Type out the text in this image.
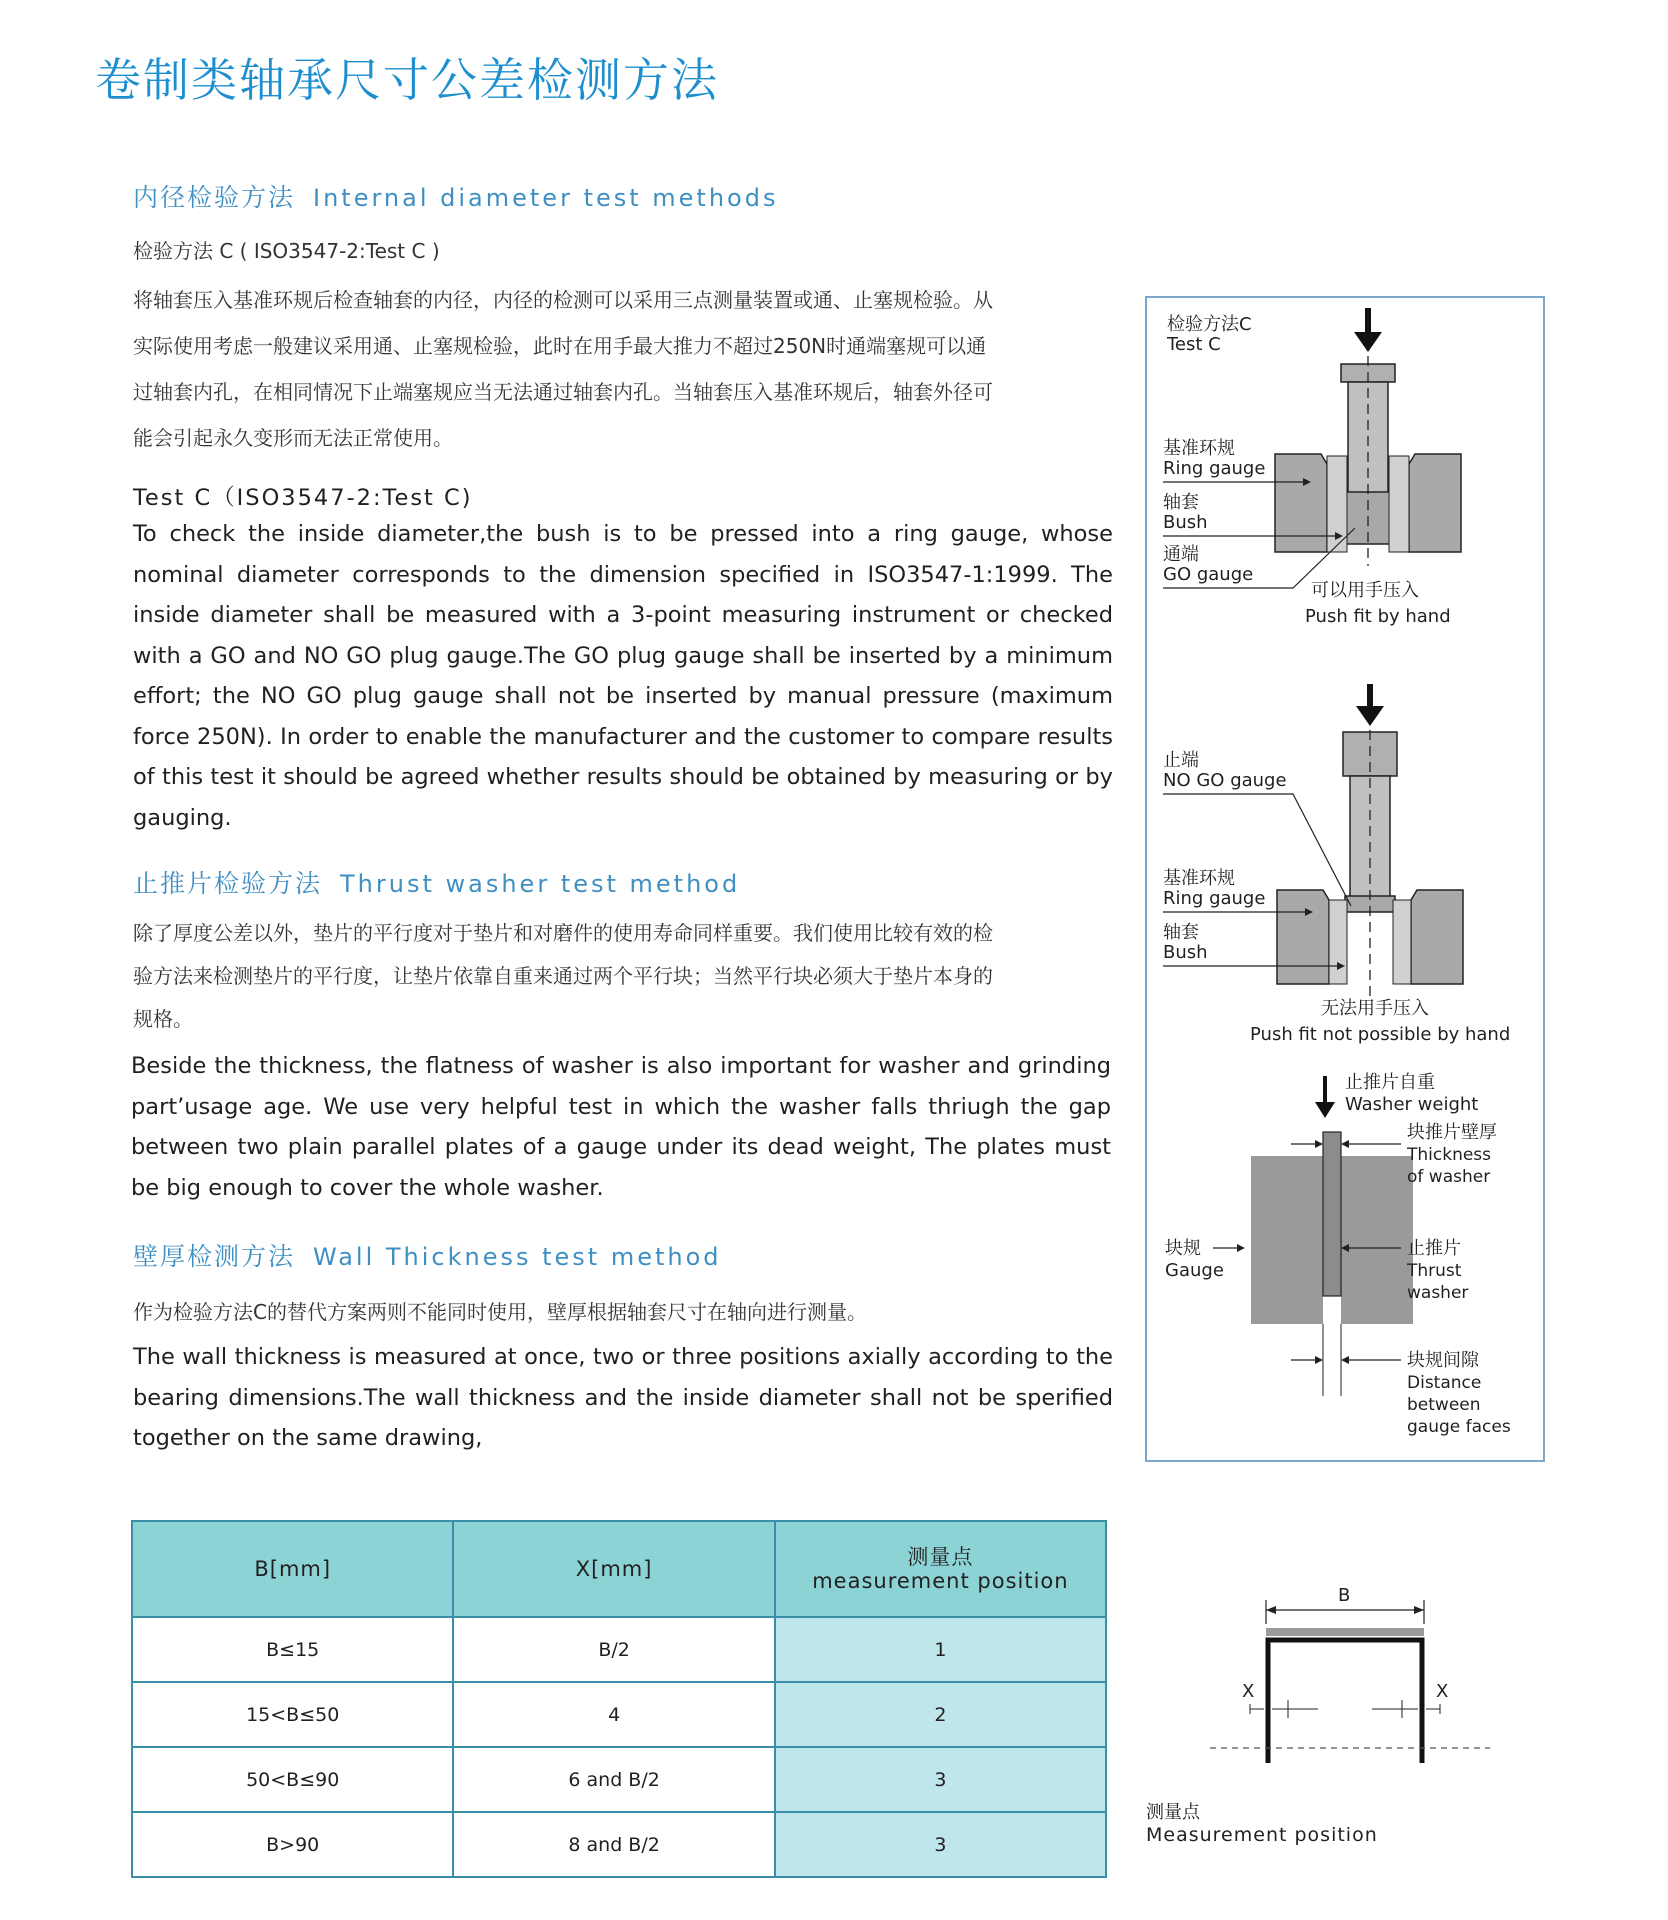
卷制类轴承尺寸公差检测方法
内径检验方法 Internal diameter test methods
检验方法 C ( ISO3547-2:Test C )
将轴套压入基准环规后检查轴套的内径，内径的检测可以采用三点测量装置或通、止塞规检验。从
实际使用考虑一般建议采用通、止塞规检验，此时在用手最大推力不超过250N时通端塞规可以通
过轴套内孔，在相同情况下止端塞规应当无法通过轴套内孔。当轴套压入基准环规后，轴套外径可
能会引起永久变形而无法正常使用。
Test C（ISO3547-2:Test C)
To check the inside diameter,the bush is to be pressed into a ring gauge, whose nominal diameter corresponds to the dimension specified in ISO3547-1:1999. The inside diameter shall be measured with a 3-point measuring instrument or checked with a GO and NO GO plug gauge.The GO plug gauge shall be inserted by a minimum effort; the NO GO plug gauge shall not be inserted by manual pressure (maximum force 250N). In order to enable the manufacturer and the customer to compare results of this test it should be agreed whether results should be obtained by measuring or by gauging.
止推片检验方法 Thrust washer test method
除了厚度公差以外，垫片的平行度对于垫片和对磨件的使用寿命同样重要。我们使用比较有效的检
验方法来检测垫片的平行度，让垫片依靠自重来通过两个平行块；当然平行块必须大于垫片本身的
规格。
Beside the thickness, the flatness of washer is also important for washer and grinding part’usage age. We use very helpful test in which the washer falls thriugh the gap between two plain parallel plates of a gauge under its dead weight, The plates must be big enough to cover the whole washer.
壁厚检测方法 Wall Thickness test method
作为检验方法C的替代方案两则不能同时使用，壁厚根据轴套尺寸在轴向进行测量。
The wall thickness is measured at once, two or three positions axially according to the bearing dimensions.The wall thickness and the inside diameter shall not be sperified together on the same drawing,
检验方法C
Test C
基准环规
Ring gauge
轴套
Bush
通端
GO gauge
可以用手压入
Push fit by hand
止端
NO GO gauge
基准环规
Ring gauge
轴套
Bush
无法用手压入
Push fit not possible by hand
止推片自重
Washer weight
块推片壁厚
Thickness
of washer
块规
Gauge
止推片
Thrust
washer
块规间隙
Distance
between
gauge faces
B[mm]	X[mm]	测量点
measurement position

B≤15	B/2	1
15<B≤50	4	2
50<B≤90	6 and B/2	3
B>90	8 and B/2	3
B
X	X
测量点
Measurement position
